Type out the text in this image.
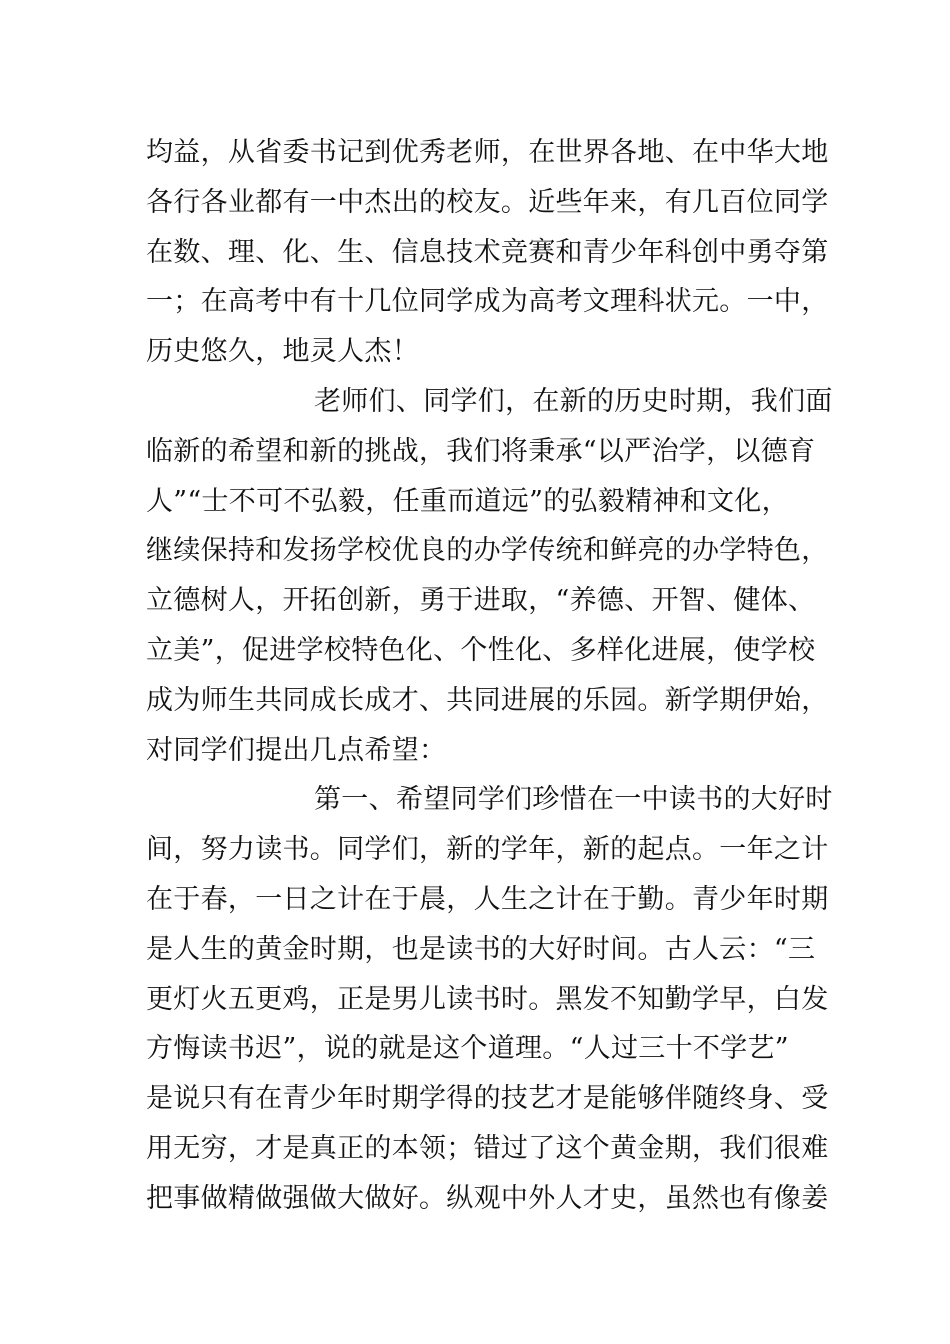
均益，从省委书记到优秀老师，在世界各地、在中华大地
各行各业都有一中杰出的校友。近些年来，有几百位同学
在数、理、化、生、信息技术竞赛和青少年科创中勇夺第
一；在高考中有十几位同学成为高考文理科状元。一中，
历史悠久，地灵人杰！
老师们、同学们，在新的历史时期，我们面
临新的希望和新的挑战，我们将秉承“以严治学，以德育
人”“士不可不弘毅，任重而道远”的弘毅精神和文化，
继续保持和发扬学校优良的办学传统和鲜亮的办学特色，
立德树人，开拓创新，勇于进取，“养德、开智、健体、
立美”，促进学校特色化、个性化、多样化进展，使学校
成为师生共同成长成才、共同进展的乐园。新学期伊始，
对同学们提出几点希望：
第一、希望同学们珍惜在一中读书的大好时
间，努力读书。同学们，新的学年，新的起点。一年之计
在于春，一日之计在于晨，人生之计在于勤。青少年时期
是人生的黄金时期，也是读书的大好时间。古人云：“三
更灯火五更鸡，正是男儿读书时。黑发不知勤学早，白发
方悔读书迟”，说的就是这个道理。“人过三十不学艺”
是说只有在青少年时期学得的技艺才是能够伴随终身、受
用无穷，才是真正的本领；错过了这个黄金期，我们很难
把事做精做强做大做好。纵观中外人才史，虽然也有像姜
